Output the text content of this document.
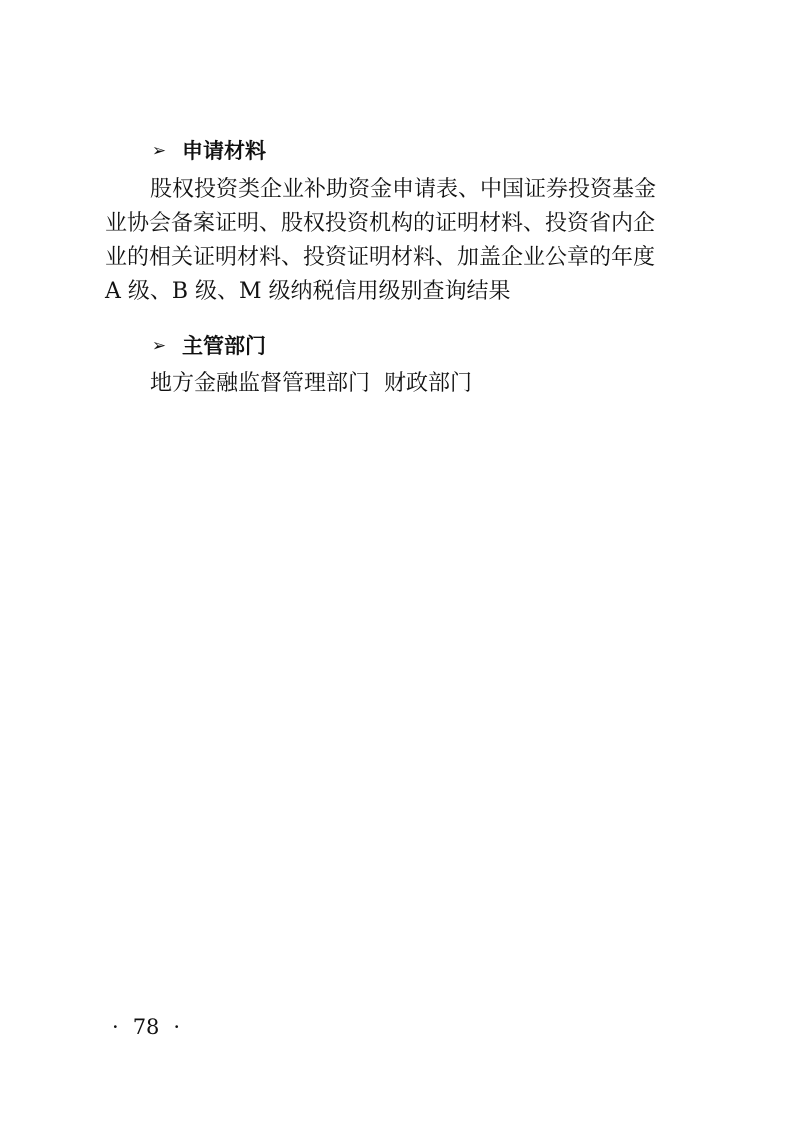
➢ 申请材料
股权投资类企业补助资金申请表、中国证券投资基金
业协会备案证明、股权投资机构的证明材料、投资省内企
业的相关证明材料、投资证明材料、加盖企业公章的年度
A 级、B 级、M 级纳税信用级别查询结果
➢ 主管部门
地方金融监督管理部门  财政部门
· 78 ·
